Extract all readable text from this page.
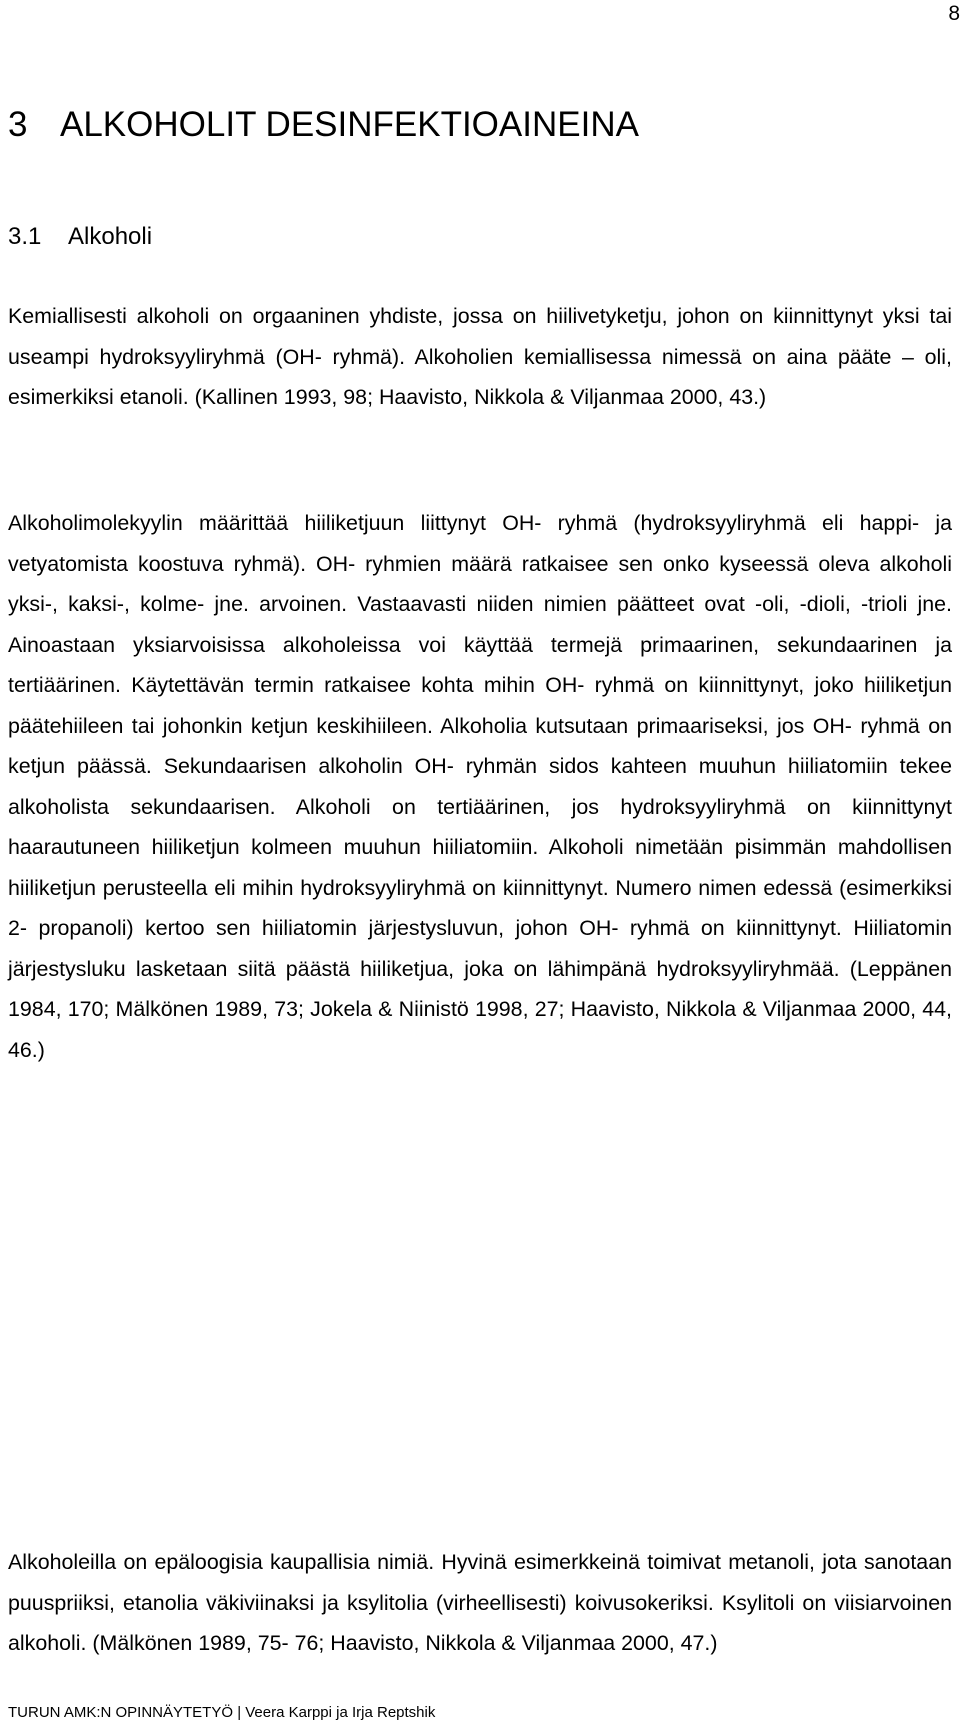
8
3 ALKOHOLIT DESINFEKTIOAINEINA
3.1 Alkoholi

Kemiallisesti alkoholi on orgaaninen yhdiste, jossa on hiilivetyketju, johon on kiinnittynyt yksi tai useampi hydroksyyliryhmä (OH- ryhmä). Alkoholien kemiallisessa nimessä on aina pääte – oli, esimerkiksi etanoli. (Kallinen 1993, 98; Haavisto, Nikkola & Viljanmaa 2000, 43.)

Alkoholimolekyylin määrittää hiiliketjuun liittynyt OH- ryhmä (hydroksyyliryhmä eli happi- ja vetyatomista koostuva ryhmä). OH- ryhmien määrä ratkaisee sen onko kyseessä oleva alkoholi yksi-, kaksi-, kolme- jne. arvoinen. Vastaavasti niiden nimien päätteet ovat -oli, -dioli, -trioli jne. Ainoastaan yksiarvoisissa alkoholeissa voi käyttää termejä primaarinen, sekundaarinen ja tertiäärinen. Käytettävän termin ratkaisee kohta mihin OH- ryhmä on kiinnittynyt, joko hiiliketjun päätehiileen tai johonkin ketjun keskihiileen. Alkoholia kutsutaan primaariseksi, jos OH- ryhmä on ketjun päässä. Sekundaarisen alkoholin OH- ryhmän sidos kahteen muuhun hiiliatomiin tekee alkoholista sekundaarisen. Alkoholi on tertiäärinen, jos hydroksyyliryhmä on kiinnittynyt haarautuneen hiiliketjun kolmeen muuhun hiiliatomiin. Alkoholi nimetään pisimmän mahdollisen hiiliketjun perusteella eli mihin hydroksyyliryhmä on kiinnittynyt. Numero nimen edessä (esimerkiksi 2- propanoli) kertoo sen hiiliatomin järjestysluvun, johon OH- ryhmä on kiinnittynyt. Hiiliatomin järjestysluku lasketaan siitä päästä hiiliketjua, joka on lähimpänä hydroksyyliryhmää. (Leppänen 1984, 170; Mälkönen 1989, 73; Jokela & Niinistö 1998, 27; Haavisto, Nikkola & Viljanmaa 2000, 44, 46.)

Alkoholeilla on epäloogisia kaupallisia nimiä. Hyvinä esimerkkeinä toimivat metanoli, jota sanotaan puuspriiksi, etanolia väkiviinaksi ja ksylitolia (virheellisesti) koivusokeriksi. Ksylitoli on viisiarvoinen alkoholi. (Mälkönen 1989, 75- 76; Haavisto, Nikkola & Viljanmaa 2000, 47.)

TURUN AMK:N OPINNÄYTETYÖ | Veera Karppi ja Irja Reptshik
